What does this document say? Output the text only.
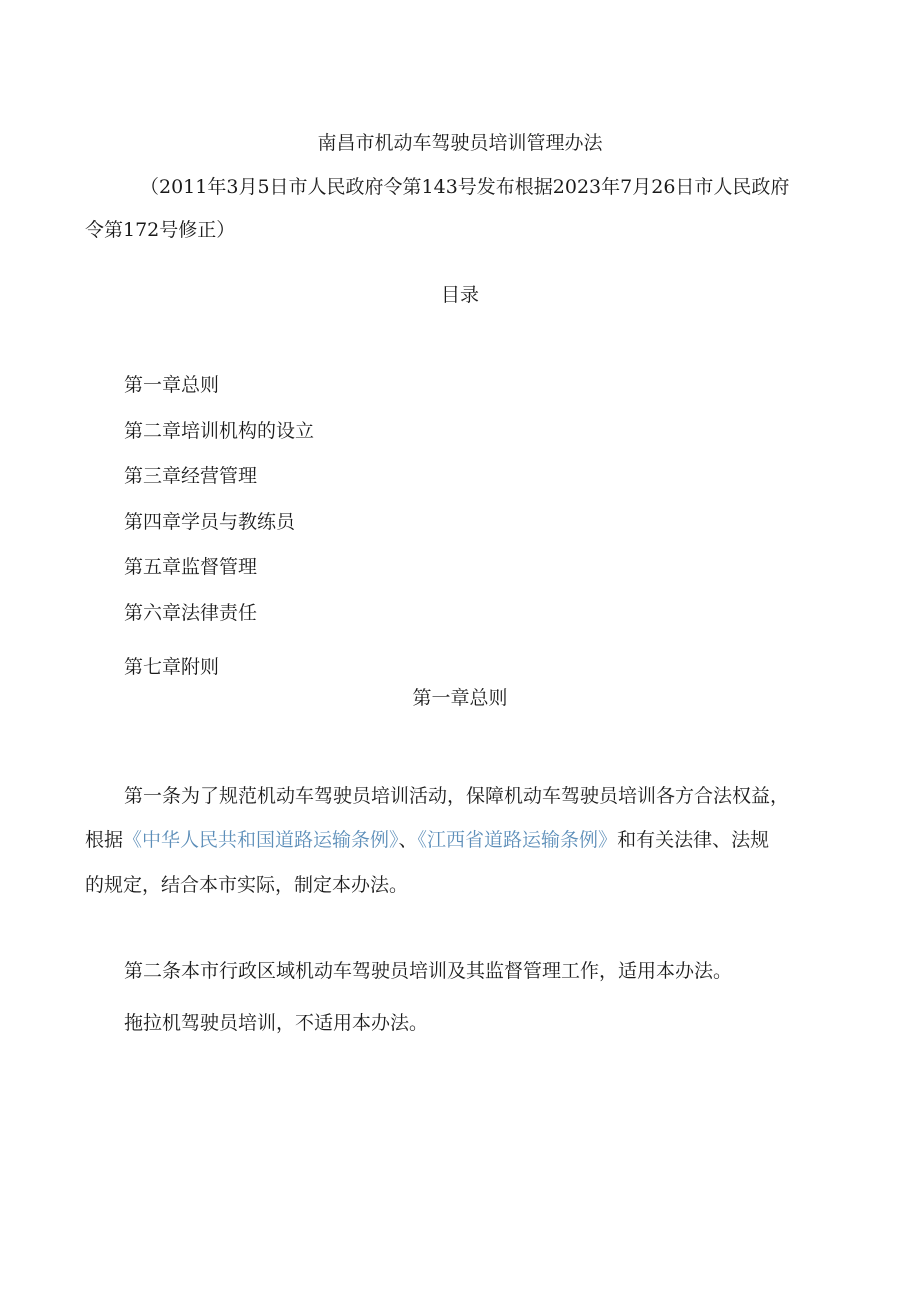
南昌市机动车驾驶员培训管理办法
（2011年3月5日市人民政府令第143号发布根据2023年7月26日市人民政府
令第172号修正）
目录
第一章总则
第二章培训机构的设立
第三章经营管理
第四章学员与教练员
第五章监督管理
第六章法律责任
第七章附则
第一章总则
第一条为了规范机动车驾驶员培训活动，保障机动车驾驶员培训各方合法权益，
根据《中华人民共和国道路运输条例》、《江西省道路运输条例》和有关法律、法规
的规定，结合本市实际，制定本办法。
第二条本市行政区域机动车驾驶员培训及其监督管理工作，适用本办法。
拖拉机驾驶员培训，不适用本办法。
